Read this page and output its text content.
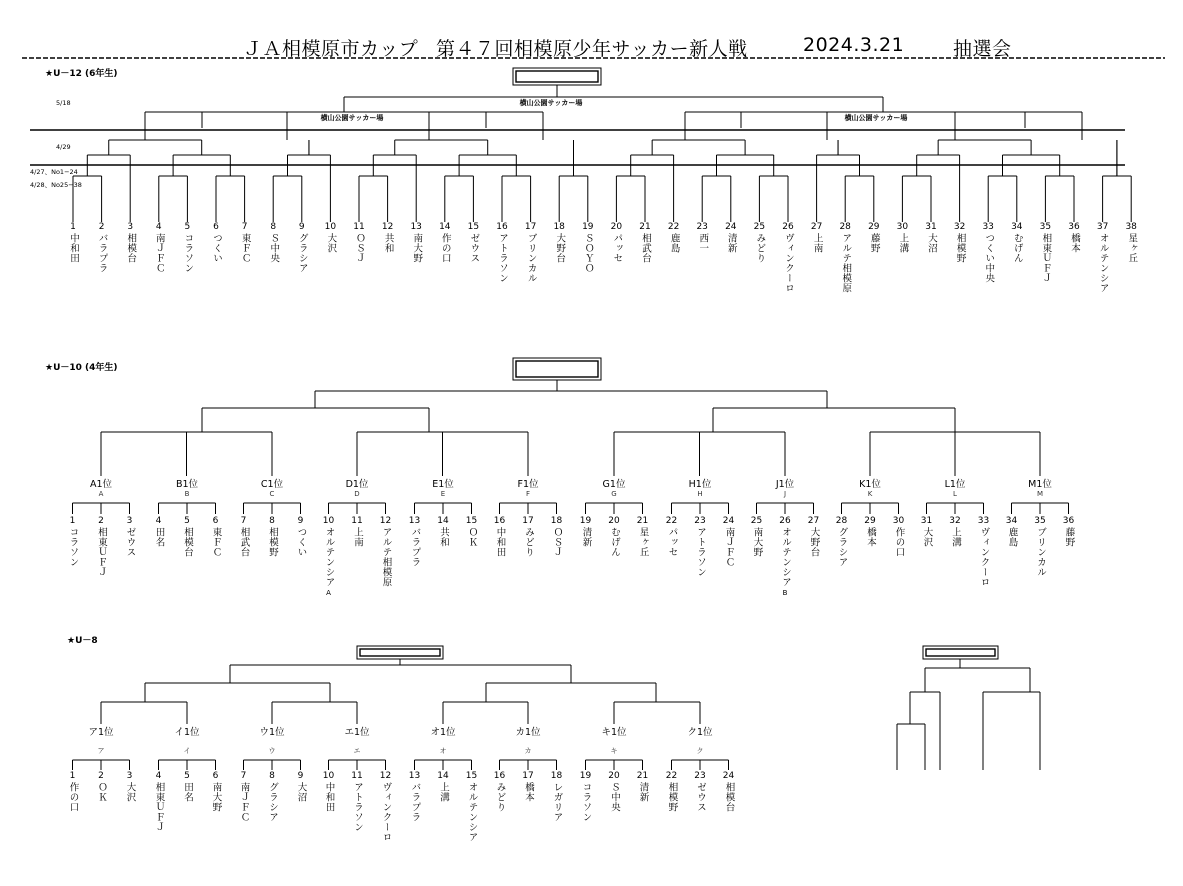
ＪＡ相模原市カップ 第４７回相模原少年サッカー新人戦	2024.3.21	抽選会
★U－12 (6年生)
5/18
4/29
4/27、No1−24
4/28、No25−38
横山公園サッカー場
横山公園サッカー場	横山公園サッカー場
★U－10 (4年生)
★U－8
1
中和田
2
バラプラ
3
相模台
4
南ＪＦＣ
5
コラソン
6
つくい
7
東ＦＣ
8
Ｓ中央
9
グラシア
10
大沢
11
ＯＳＪ
12
共和
13
南大野
14
作の口
15
ゼウス
16
アトラソン
17
ブリンカル
18
大野台
19
ＳＯＹＯ
20
パッセ
21
相武台
22
鹿島
23
西一
24
清新
25
みどり
26
ヴィンクーロ
27
上南
28
アルテ相模原
29
藤野
30
上溝
31
大沼
32
相模野
33
つくい中央
34
むげん
35
相東ＵＦＪ
36
橋本
37
オルテンシア
38
星ヶ丘
A1位
A
1
コラソン
2
相東ＵＦＪ
3
ゼウス
B1位
B
4
田名
5
相模台
6
東ＦＣ
C1位
C
7
相武台
8
相模野
9
つくい
D1位
D
10
オルテンシア
A
11
上南
12
アルテ相模原
E1位
E
13
バラプラ
14
共和
15
ＯＫ
F1位
F
16
中和田
17
みどり
18
ＯＳＪ
G1位
G
19
清新
20
むげん
21
星ヶ丘
H1位
H
22
パッセ
23
アトラソン
24
南ＪＦＣ
J1位
J
25
南大野
26
オルテンシア
B
27
大野台
K1位
K
28
グラシア
29
橋本
30
作の口
L1位
L
31
大沢
32
上溝
33
ヴィンクーロ
M1位
M
34
鹿島
35
ブリンカル
36
藤野
ア1位
ア
1
作の口
2
ＯＫ
3
大沢
イ1位
イ
4
相東ＵＦＪ
5
田名
6
南大野
ウ1位
ウ
7
南ＪＦＣ
8
グラシア
9
大沼
エ1位
エ
10
中和田
11
アトラソン
12
ヴィンクーロ
オ1位
オ
13
バラプラ
14
上溝
15
オルテンシア
カ1位
カ
16
みどり
17
橋本
18
レガリア
キ1位
キ
19
コラソン
20
Ｓ中央
21
清新
ク1位
ク
22
相模野
23
ゼウス
24
相模台
